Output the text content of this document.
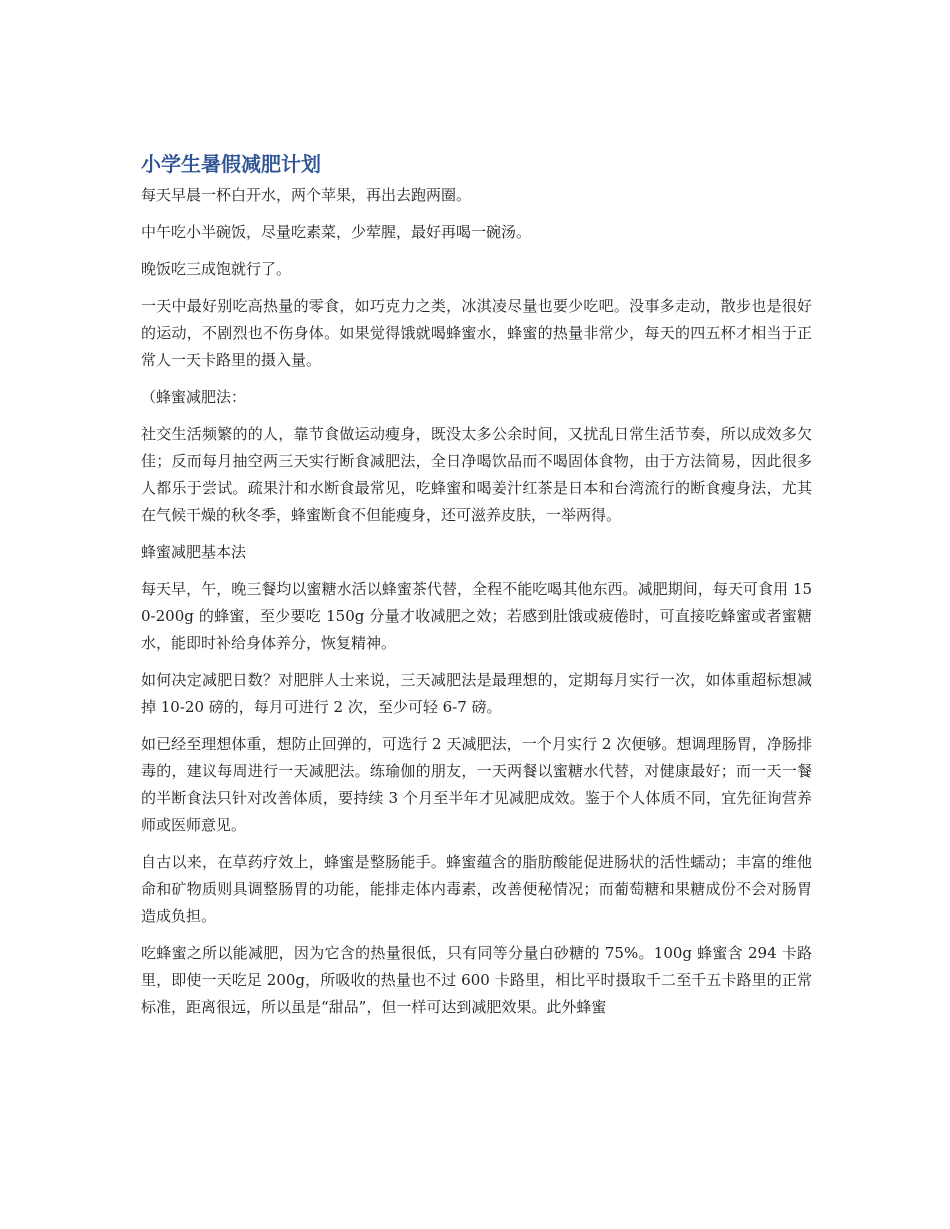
小学生暑假减肥计划

每天早晨一杯白开水，两个苹果，再出去跑两圈。

中午吃小半碗饭，尽量吃素菜，少荤腥，最好再喝一碗汤。

晚饭吃三成饱就行了。

一天中最好别吃高热量的零食，如巧克力之类，冰淇凌尽量也要少吃吧。没事多走动，散步也是很好的运动，不剧烈也不伤身体。如果觉得饿就喝蜂蜜水，蜂蜜的热量非常少，每天的四五杯才相当于正常人一天卡路里的摄入量。

（蜂蜜减肥法：

社交生活频繁的的人，靠节食做运动瘦身，既没太多公余时间，又扰乱日常生活节奏，所以成效多欠佳；反而每月抽空两三天实行断食减肥法，全日净喝饮品而不喝固体食物，由于方法简易，因此很多人都乐于尝试。疏果汁和水断食最常见，吃蜂蜜和喝姜汁红茶是日本和台湾流行的断食瘦身法，尤其在气候干燥的秋冬季，蜂蜜断食不但能瘦身，还可滋养皮肤，一举两得。

蜂蜜减肥基本法

每天早，午，晚三餐均以蜜糖水活以蜂蜜茶代替，全程不能吃喝其他东西。减肥期间，每天可食用 150-200g 的蜂蜜，至少要吃 150g 分量才收减肥之效；若感到肚饿或疲倦时，可直接吃蜂蜜或者蜜糖水，能即时补给身体养分，恢复精神。

如何决定减肥日数？对肥胖人士来说，三天减肥法是最理想的，定期每月实行一次，如体重超标想减掉 10-20 磅的，每月可进行 2 次，至少可轻 6-7 磅。

如已经至理想体重，想防止回弹的，可选行 2 天减肥法，一个月实行 2 次便够。想调理肠胃，净肠排毒的，建议每周进行一天减肥法。练瑜伽的朋友，一天两餐以蜜糖水代替，对健康最好；而一天一餐的半断食法只针对改善体质，要持续 3 个月至半年才见减肥成效。鉴于个人体质不同，宜先征询营养师或医师意见。

自古以来，在草药疗效上，蜂蜜是整肠能手。蜂蜜蕴含的脂肪酸能促进肠状的活性蠕动；丰富的维他命和矿物质则具调整肠胃的功能，能排走体内毒素，改善便秘情况；而葡萄糖和果糖成份不会对肠胃造成负担。

吃蜂蜜之所以能减肥，因为它含的热量很低，只有同等分量白砂糖的 75%。100g 蜂蜜含 294 卡路里，即使一天吃足 200g，所吸收的热量也不过 600 卡路里，相比平时摄取千二至千五卡路里的正常标准，距离很远，所以虽是“甜品”，但一样可达到减肥效果。此外蜂蜜
